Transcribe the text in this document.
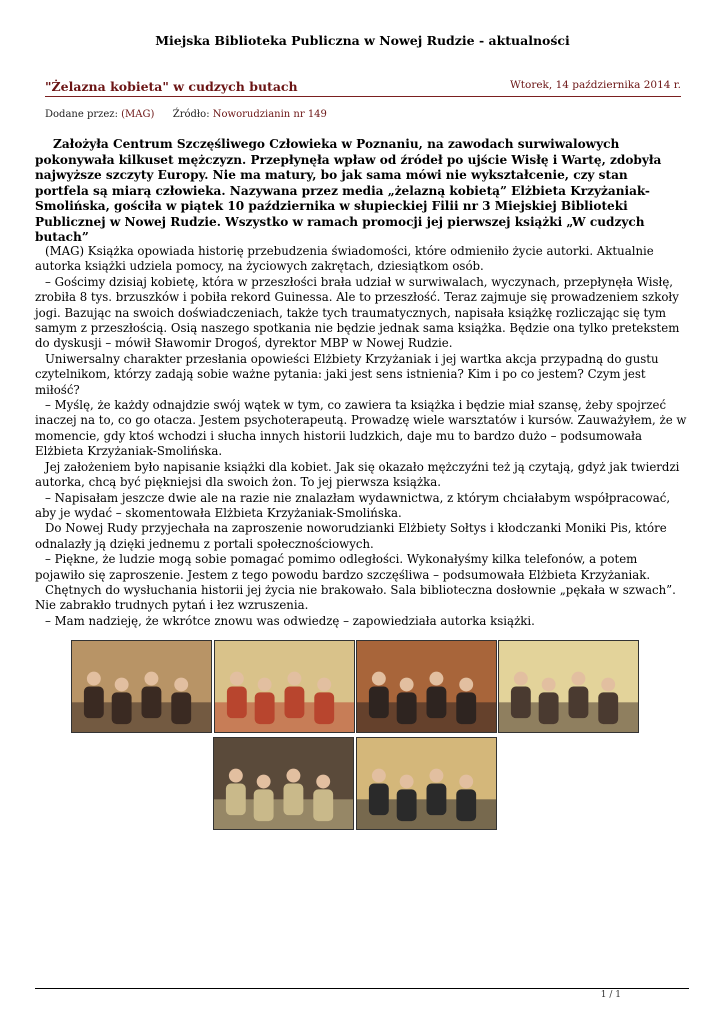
Miejska Biblioteka Publiczna w Nowej Rudzie - aktualności
"Żelazna kobieta" w cudzych butach	Wtorek, 14 października 2014 r.
Dodane przez: (MAG) Źródło: Noworudzianin nr 149

Założyła Centrum Szczęśliwego Człowieka w Poznaniu, na zawodach surwiwalowych pokonywała kilkuset mężczyzn. Przepłynęła wpław od źródeł po ujście Wisłę i Wartę, zdobyła najwyższe szczyty Europy. Nie ma matury, bo jak sama mówi nie wykształcenie, czy stan portfela są miarą człowieka. Nazywana przez media „żelazną kobietą” Elżbieta Krzyżaniak-Smolińska, gościła w piątek 10 października w słupieckiej Filii nr 3 Miejskiej Biblioteki Publicznej w Nowej Rudzie. Wszystko w ramach promocji jej pierwszej książki „W cudzych butach”

(MAG) Książka opowiada historię przebudzenia świadomości, które odmieniło życie autorki. Aktualnie autorka książki udziela pomocy, na życiowych zakrętach, dziesiątkom osób.

– Gościmy dzisiaj kobietę, która w przeszłości brała udział w surwiwalach, wyczynach, przepłynęła Wisłę, zrobiła 8 tys. brzuszków i pobiła rekord Guinessa. Ale to przeszłość. Teraz zajmuje się prowadzeniem szkoły jogi. Bazując na swoich doświadczeniach, także tych traumatycznych, napisała książkę rozliczając się tym samym z przeszłością. Osią naszego spotkania nie będzie jednak sama książka. Będzie ona tylko pretekstem do dyskusji – mówił Sławomir Drogoś, dyrektor MBP w Nowej Rudzie.

Uniwersalny charakter przesłania opowieści Elżbiety Krzyżaniak i jej wartka akcja przypadną do gustu czytelnikom, którzy zadają sobie ważne pytania: jaki jest sens istnienia? Kim i po co jestem? Czym jest miłość?

– Myślę, że każdy odnajdzie swój wątek w tym, co zawiera ta książka i będzie miał szansę, żeby spojrzeć inaczej na to, co go otacza. Jestem psychoterapeutą. Prowadzę wiele warsztatów i kursów. Zauważyłem, że w momencie, gdy ktoś wchodzi i słucha innych historii ludzkich, daje mu to bardzo dużo – podsumowała Elżbieta Krzyżaniak-Smolińska.

Jej założeniem było napisanie książki dla kobiet. Jak się okazało mężczyźni też ją czytają, gdyż jak twierdzi autorka, chcą być piękniejsi dla swoich żon. To jej pierwsza książka.

– Napisałam jeszcze dwie ale na razie nie znalazłam wydawnictwa, z którym chciałabym współpracować, aby je wydać – skomentowała Elżbieta Krzyżaniak-Smolińska.

Do Nowej Rudy przyjechała na zaproszenie noworudzianki Elżbiety Sołtys i kłodczanki Moniki Pis, które odnalazły ją dzięki jednemu z portali społecznościowych.

– Piękne, że ludzie mogą sobie pomagać pomimo odległości. Wykonałyśmy kilka telefonów, a potem pojawiło się zaproszenie. Jestem z tego powodu bardzo szczęśliwa – podsumowała Elżbieta Krzyżaniak.

Chętnych do wysłuchania historii jej życia nie brakowało. Sala biblioteczna dosłownie „pękała w szwach”. Nie zabrakło trudnych pytań i łez wzruszenia.

– Mam nadzieję, że wkrótce znowu was odwiedzę – zapowiedziała autorka książki.

1 / 1
